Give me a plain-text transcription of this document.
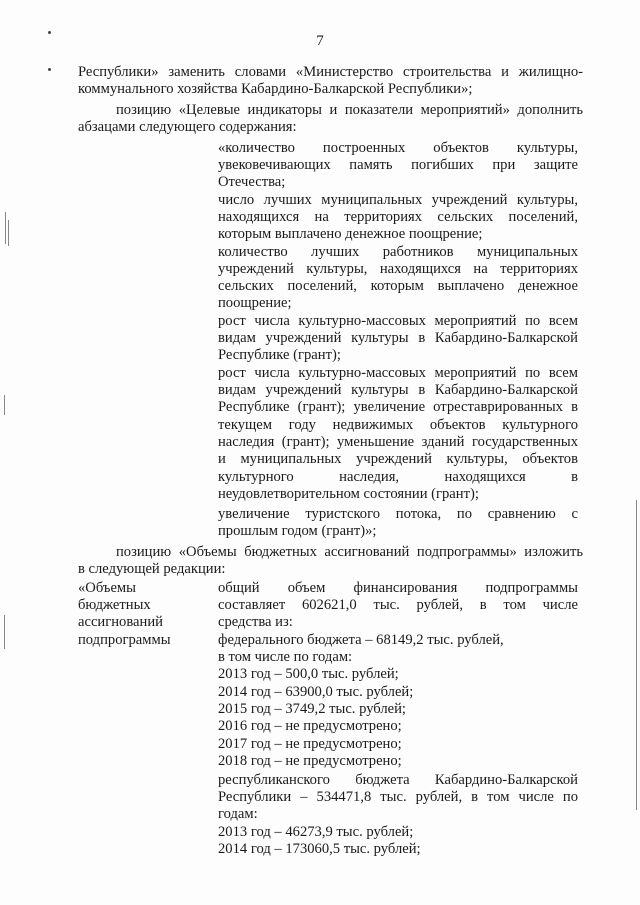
7
Республики» заменить словами «Министерство строительства и жилищно-
коммунального хозяйства Кабардино-Балкарской Республики»;
позицию «Целевые индикаторы и показатели мероприятий» дополнить
абзацами следующего содержания:
«количество построенных объектов культуры,
увековечивающих память погибших при защите
Отечества;
число лучших муниципальных учреждений культуры,
находящихся на территориях сельских поселений,
которым выплачено денежное поощрение;
количество лучших работников муниципальных
учреждений культуры, находящихся на территориях
сельских поселений, которым выплачено денежное
поощрение;
рост числа культурно-массовых мероприятий по всем
видам учреждений культуры в Кабардино-Балкарской
Республике (грант);
рост числа культурно-массовых мероприятий по всем
видам учреждений культуры в Кабардино-Балкарской
Республике (грант); увеличение отреставрированных в
текущем году недвижимых объектов культурного
наследия (грант); уменьшение зданий государственных
и муниципальных учреждений культуры, объектов
культурного наследия, находящихся в
неудовлетворительном состоянии (грант);
увеличение туристского потока, по сравнению с
прошлым годом (грант)»;
позицию «Объемы бюджетных ассигнований подпрограммы» изложить
в следующей редакции:
«Объемы
бюджетных
ассигнований
подпрограммы
общий объем финансирования подпрограммы
составляет 602621,0 тыс. рублей, в том числе
средства из:
федерального бюджета – 68149,2 тыс. рублей,
в том числе по годам:
2013 год – 500,0 тыс. рублей;
2014 год – 63900,0 тыс. рублей;
2015 год – 3749,2 тыс. рублей;
2016 год – не предусмотрено;
2017 год – не предусмотрено;
2018 год – не предусмотрено;
республиканского бюджета Кабардино-Балкарской
Республики – 534471,8 тыс. рублей, в том числе по
годам:
2013 год – 46273,9 тыс. рублей;
2014 год – 173060,5 тыс. рублей;
